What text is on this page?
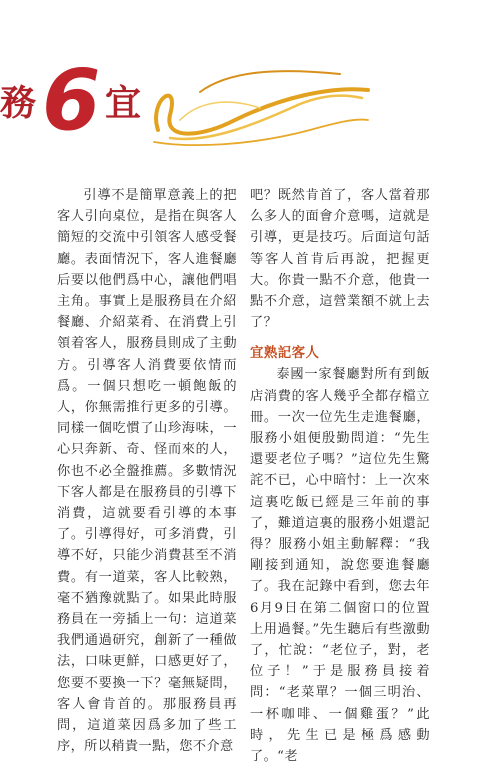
務 6 宜

引導不是簡單意義上的把客人引向桌位，是指在與客人簡短的交流中引領客人感受餐廳。表面情況下，客人進餐廳后要以他們爲中心，讓他們唱主角。事實上是服務員在介紹餐廳、介紹菜肴、在消費上引領着客人，服務員則成了主動方。引導客人消費要依情而爲。一個只想吃一頓飽飯的人，你無需推行更多的引導。同樣一個吃慣了山珍海味，一心只奔新、奇、怪而來的人，你也不必全盤推薦。多數情況下客人都是在服務員的引導下消費，這就要看引導的本事了。引導得好，可多消費，引導不好，只能少消費甚至不消費。有一道菜，客人比較熟，毫不猶豫就點了。如果此時服務員在一旁插上一句：這道菜我們通過研究，創新了一種做法，口味更鮮，口感更好了，您要不要換一下？毫無疑問，客人會肯首的。那服務員再問，這道菜因爲多加了些工序，所以稍貴一點，您不介意

吧？既然肯首了，客人當着那么多人的面會介意嗎，這就是引導，更是技巧。后面這句話等客人首肯后再說，把握更大。你貴一點不介意，他貴一點不介意，這營業額不就上去了？

宜熟記客人

泰國一家餐廳對所有到飯店消費的客人幾乎全都存檔立冊。一次一位先生走進餐廳，服務小姐便殷勤問道：“先生還要老位子嗎？”這位先生驚詫不已，心中暗忖：上一次來這裏吃飯已經是三年前的事了，難道這裏的服務小姐還記得？服務小姐主動解釋：“我剛接到通知，說您要進餐廳了。我在記錄中看到，您去年6月9日在第二個窗口的位置上用過餐。”先生聽后有些激動了，忙說：“老位子，對，老位子！”于是服務員接着問：“老菜單？一個三明治、一杯咖啡、一個雞蛋？”此時，先生已是極爲感動了。“老
